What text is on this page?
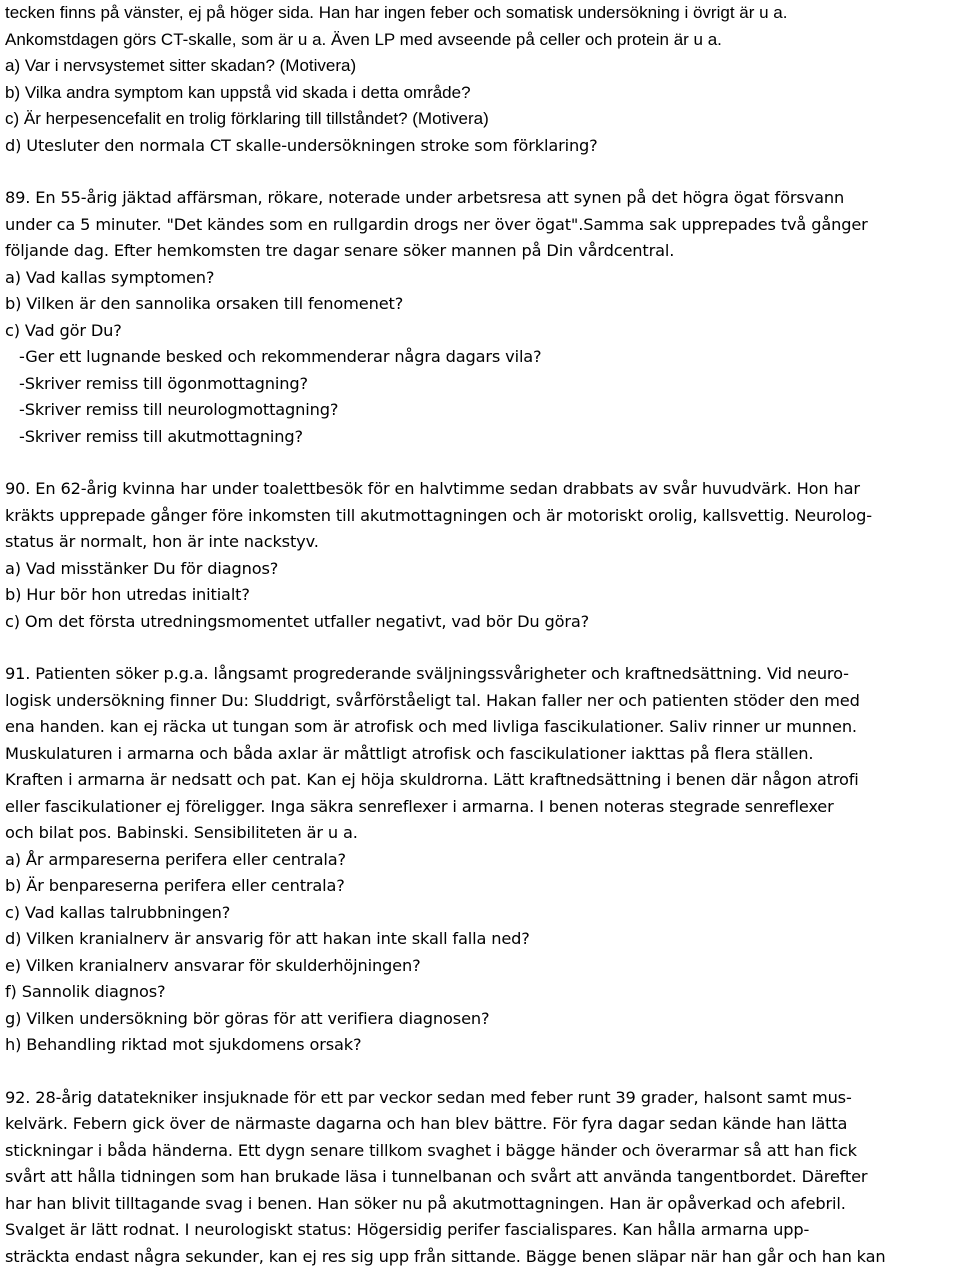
tecken finns på vänster, ej på höger sida. Han har ingen feber och somatisk undersökning i övrigt är u a.
Ankomstdagen görs CT-skalle, som är u a. Även LP med avseende på celler och protein är u a.
a) Var i nervsystemet sitter skadan? (Motivera)
b) Vilka andra symptom kan uppstå vid skada i detta område?
c) Är herpesencefalit en trolig förklaring till tillståndet? (Motivera)
d) Utesluter den normala CT skalle-undersökningen stroke som förklaring?
89. En 55-årig jäktad affärsman, rökare, noterade under arbetsresa att synen på det högra ögat försvann
under ca 5 minuter. "Det kändes som en rullgardin drogs ner över ögat".Samma sak upprepades två gånger
följande dag. Efter hemkomsten tre dagar senare söker mannen på Din vårdcentral.
a) Vad kallas symptomen?
b) Vilken är den sannolika orsaken till fenomenet?
c) Vad gör Du?
-Ger ett lugnande besked och rekommenderar några dagars vila?
-Skriver remiss till ögonmottagning?
-Skriver remiss till neurologmottagning?
-Skriver remiss till akutmottagning?
90. En 62-årig kvinna har under toalettbesök för en halvtimme sedan drabbats av svår huvudvärk. Hon har
kräkts upprepade gånger före inkomsten till akutmottagningen och är motoriskt orolig, kallsvettig. Neurolog-
status är normalt, hon är inte nackstyv.
a) Vad misstänker Du för diagnos?
b) Hur bör hon utredas initialt?
c) Om det första utredningsmomentet utfaller negativt, vad bör Du göra?
91. Patienten söker p.g.a. långsamt progrederande sväljningssvårigheter och kraftnedsättning. Vid neuro-
logisk undersökning finner Du: Sluddrigt, svårförståeligt tal. Hakan faller ner och patienten stöder den med
ena handen. kan ej räcka ut tungan som är atrofisk och med livliga fascikulationer. Saliv rinner ur munnen.
Muskulaturen i armarna och båda axlar är måttligt atrofisk och fascikulationer iakttas på flera ställen.
Kraften i armarna är nedsatt och pat. Kan ej höja skuldrorna. Lätt kraftnedsättning i benen där någon atrofi
eller fascikulationer ej föreligger. Inga säkra senreflexer i armarna. I benen noteras stegrade senreflexer
och bilat pos. Babinski. Sensibiliteten är u a.
a) År armpareserna perifera eller centrala?
b) Är benpareserna perifera eller centrala?
c) Vad kallas talrubbningen?
d) Vilken kranialnerv är ansvarig för att hakan inte skall falla ned?
e) Vilken kranialnerv ansvarar för skulderhöjningen?
f) Sannolik diagnos?
g) Vilken undersökning bör göras för att verifiera diagnosen?
h) Behandling riktad mot sjukdomens orsak?
92. 28-årig datatekniker insjuknade för ett par veckor sedan med feber runt 39 grader, halsont samt mus-
kelvärk. Febern gick över de närmaste dagarna och han blev bättre. För fyra dagar sedan kände han lätta
stickningar i båda händerna. Ett dygn senare tillkom svaghet i bägge händer och överarmar så att han fick
svårt att hålla tidningen som han brukade läsa i tunnelbanan och svårt att använda tangentbordet. Därefter
har han blivit tilltagande svag i benen. Han söker nu på akutmottagningen. Han är opåverkad och afebril.
Svalget är lätt rodnat. I neurologiskt status: Högersidig perifer fascialispares. Kan hålla armarna upp-
sträckta endast några sekunder, kan ej res sig upp från sittande. Bägge benen släpar när han går och han kan
